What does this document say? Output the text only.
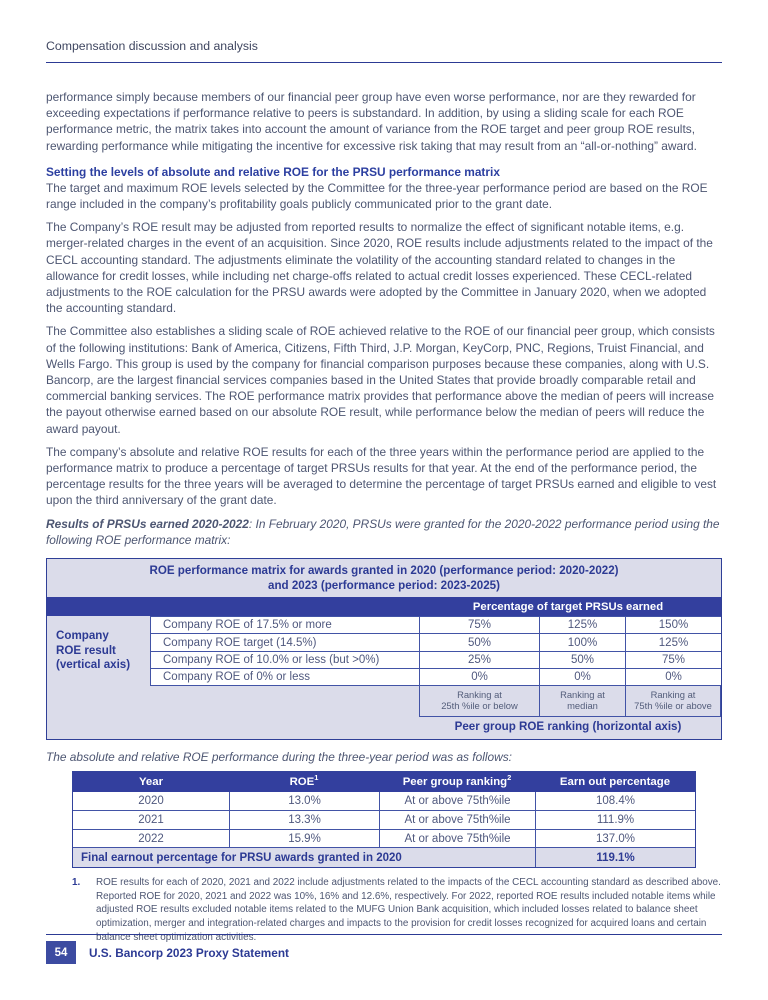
Compensation discussion and analysis

performance simply because members of our financial peer group have even worse performance, nor are they rewarded for exceeding expectations if performance relative to peers is substandard. In addition, by using a sliding scale for each ROE performance metric, the matrix takes into account the amount of variance from the ROE target and peer group ROE results, rewarding performance while mitigating the incentive for excessive risk taking that may result from an “all-or-nothing” award.

Setting the levels of absolute and relative ROE for the PRSU performance matrix

The target and maximum ROE levels selected by the Committee for the three-year performance period are based on the ROE range included in the company’s profitability goals publicly communicated prior to the grant date.

The Company’s ROE result may be adjusted from reported results to normalize the effect of significant notable items, e.g. merger-related charges in the event of an acquisition. Since 2020, ROE results include adjustments related to the impact of the CECL accounting standard. The adjustments eliminate the volatility of the accounting standard related to changes in the allowance for credit losses, while including net charge-offs related to actual credit losses experienced. These CECL-related adjustments to the ROE calculation for the PRSU awards were adopted by the Committee in January 2020, when we adopted the accounting standard.

The Committee also establishes a sliding scale of ROE achieved relative to the ROE of our financial peer group, which consists of the following institutions: Bank of America, Citizens, Fifth Third, J.P. Morgan, KeyCorp, PNC, Regions, Truist Financial, and Wells Fargo. This group is used by the company for financial comparison purposes because these companies, along with U.S. Bancorp, are the largest financial services companies based in the United States that provide broadly comparable retail and commercial banking services. The ROE performance matrix provides that performance above the median of peers will increase the payout otherwise earned based on our absolute ROE result, while performance below the median of peers will reduce the award payout.

The company’s absolute and relative ROE results for each of the three years within the performance period are applied to the performance matrix to produce a percentage of target PRSUs results for that year. At the end of the performance period, the percentage results for the three years will be averaged to determine the percentage of target PRSUs earned and eligible to vest upon the third anniversary of the grant date.

Results of PRSUs earned 2020-2022: In February 2020, PRSUs were granted for the 2020-2022 performance period using the following ROE performance matrix:

ROE performance matrix for awards granted in 2020 (performance period: 2020-2022)
and 2023 (performance period: 2023-2025)
Percentage of target PRSUs earned
Company
ROE result
(vertical axis)
Company ROE of 17.5% or more	75%	125%	150%
Company ROE target (14.5%)	50%	100%	125%
Company ROE of 10.0% or less (but >0%)	25%	50%	75%
Company ROE of 0% or less	0%	0%	0%
Ranking at
25th %ile or below
Ranking at
median
Ranking at
75th %ile or above
Peer group ROE ranking (horizontal axis)

The absolute and relative ROE performance during the three-year period was as follows:

Year	ROE$^1$	Peer group ranking$^2$	Earn out percentage
2020	13.0%	At or above 75th%ile	108.4%
2021	13.3%	At or above 75th%ile	111.9%
2022	15.9%	At or above 75th%ile	137.0%
Final earnout percentage for PRSU awards granted in 2020	119.1%
1.	ROE results for each of 2020, 2021 and 2022 include adjustments related to the impacts of the CECL accounting standard as described above. Reported ROE for 2020, 2021 and 2022 was 10%, 16% and 12.6%, respectively. For 2022, reported ROE results included notable items while adjusted ROE results excluded notable items related to the MUFG Union Bank acquisition, which included losses related to balance sheet optimization, merger and integration-related charges and impacts to the provision for credit losses recognized for acquired loans and certain balance sheet optimization activities.
54	U.S. Bancorp 2023 Proxy Statement
